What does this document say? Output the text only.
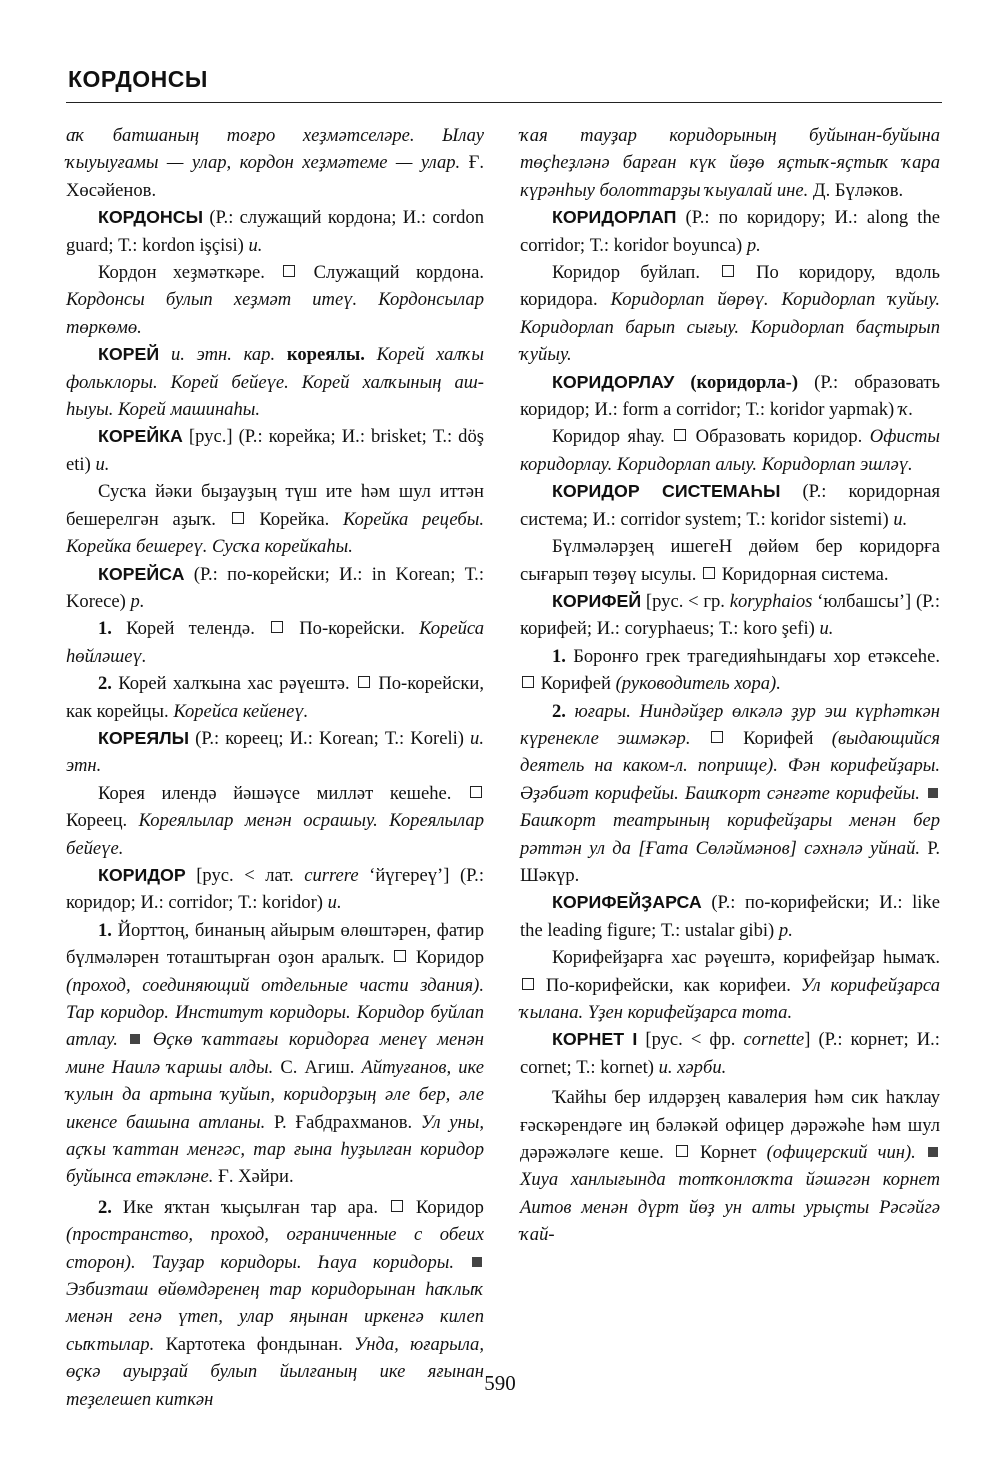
КОРДОНСЫ

аҡ батшаның тоғро хеҙмәтселәре. Ылау ҡыуыуғамы — улар, кордон хеҙмәтеме — улар. Ғ. Хөсәйенов.

КОРДОНСЫ (Р.: служащий кордона; И.: cordon guard; Т.: kordon işçisi) и.

Кордон хеҙмәткәре.  Служащий кордона. Кордонсы булып хеҙмәт итеү. Кордонсылар төркөмө.

КОРЕЙ и. этн. кар. кореялы. Корей халҡы фольклоры. Корей бейеүе. Корей халҡының аш-һыуы. Корей машинаһы.

КОРЕЙКА [рус.] (Р.: корейка; И.: brisket; Т.: döş eti) и.

Сусҡа йәки быҙауҙың түш ите һәм шул иттән бешерелгән аҙыҡ.  Корейка. Корейка рецебы. Корейка бешереү. Сусҡа корейкаһы.

КОРЕЙСА (Р.: по-корейски; И.: in Korean; Т.: Korece) р.

1. Корей телендә.  По-корейски. Корейса һөйләшеү.

2. Корей халҡына хас рәүештә.  По-корейски, как корейцы. Корейса кейенеү.

КОРЕЯЛЫ (Р.: кореец; И.: Korean; Т.: Koreli) и. этн.

Корея илендә йәшәүсе милләт кешеһе.  Кореец. Кореялылар менән осрашыу. Кореялылар бейеүе.

КОРИДОР [рус. < лат. currere ‘йүгереү’] (Р.: коридор; И.: corridor; Т.: koridor) и.

1. Йорттоң, бинаның айырым өлөштәрен, фатир бүлмәләрен тоташтырған оҙон аралыҡ.  Коридор (проход, соединяющий отдельные части здания). Тар коридор. Институт коридоры. Коридор буйлап атлау.  Өҫкө ҡаттағы коридорға менеү менән мине Наилә ҡаршы алды. С. Агиш. Айтуғанов, ике ҡулын да артына ҡуйып, коридорҙың әле бер, әле икенсе башына атланы. Р. Ғабдрахманов. Ул уны, аҫҡы ҡаттан менгәс, тар ғына һуҙылған коридор буйынса етәкләне. Ғ. Хәйри.

2. Ике яҡтан ҡыҫылған тар ара.  Коридор (пространство, проход, ограниченные с обеих сторон). Тауҙар коридоры. Һауа коридоры.  Эзбизташ өйөмдәренең тар коридорынан һаҡлыҡ менән генә үтеп, улар яңынан иркенгә килеп сыҡтылар. Картотека фондынан. Унда, юғарыла, өҫкә ауырҙай булып йылғаның ике яғынан теҙелешеп киткән

ҡая тауҙар коридорының буйынан-буйына төҫһеҙләнә барған күк йөҙө яҫтыҡ-яҫтыҡ ҡара күрәнһыу болоттарҙы ҡыуалай ине. Д. Бүләков.

КОРИДОРЛАП (Р.: по коридору; И.: along the corridor; Т.: koridor boyunca) р.

Коридор буйлап.  По коридору, вдоль коридора. Коридорлап йөрөү. Коридорлап ҡуйыу. Коридорлап барып сығыу. Коридорлап баҫтырып ҡуйыу.

КОРИДОРЛАУ (коридорла-) (Р.: образовать коридор; И.: form a corridor; Т.: koridor yapmak) ҡ.

Коридор яһау.  Образовать коридор. Офисты коридорлау. Коридорлап алыу. Коридорлап эшләү.

КОРИДОР СИСТЕМАҺЫ (Р.: коридорная система; И.: corridor system; Т.: koridor sistemi) и.

Бүлмәләрҙең ишегеН дөйөм бер коридорға сығарып төҙөү ысулы.  Коридорная система.

КОРИФЕЙ [рус. < гр. koryphaios ‘юлбашсы’] (Р.: корифей; И.: coryphaeus; Т.: koro şefi) и.

1. Боронғо грек трагедияһындағы хор етәксеһе.  Корифей (руководитель хора).

2. юғары. Ниндәйҙер өлкәлә ҙур эш күрһәткән күренекле эшмәкәр.  Корифей (выдающийся деятель на каком-л. поприще). Фән корифейҙары. Әҙәбиәт корифейы. Башҡорт сәнғәте корифейы.  Башҡорт театрының корифейҙары менән бер рәттән ул да [Ғата Сөләймәнов] сәхнәлә уйнай. Р. Шәкүр.

КОРИФЕЙҘАРСА (Р.: по-корифейски; И.: like the leading figure; Т.: ustalar gibi) р.

Корифейҙарға хас рәүештә, корифейҙар һымаҡ.  По-корифейски, как корифеи. Ул корифейҙарса ҡылана. Үҙен корифейҙарса тота.

КОРНЕТ I [рус. < фр. cornette] (Р.: корнет; И.: cornet; Т.: kornet) и. хәрби.

Ҡайһы бер илдәрҙең кавалерия һәм сик һаҡлау ғәскәрендәге иң бәләкәй офицер дәрәжәһе һәм шул дәрәжәләге кеше.  Корнет (офицерский чин).  Хиуа ханлығында тотҡонлоҡта йәшәгән корнет Аитов менән дүрт йөҙ ун алты урыҫты Рәсәйгә ҡай-

590
